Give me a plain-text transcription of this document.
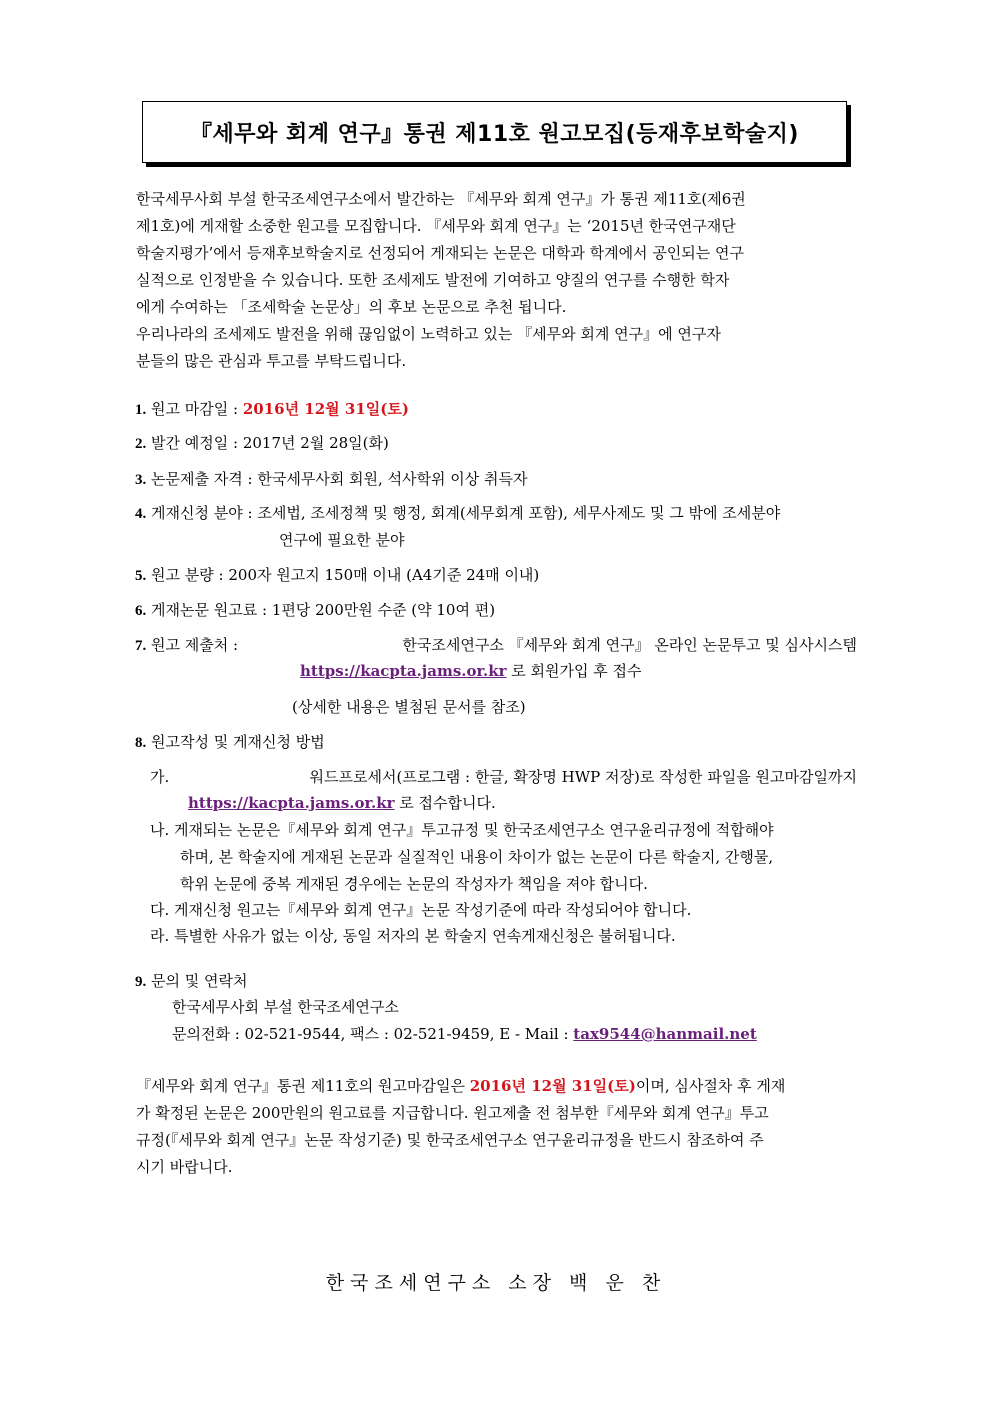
『세무와 회계 연구』통권 제11호 원고모집(등재후보학술지)
한국세무사회 부설 한국조세연구소에서 발간하는 『세무와 회계 연구』가 통권 제11호(제6권
제1호)에 게재할 소중한 원고를 모집합니다. 『세무와 회계 연구』는 ‘2015년 한국연구재단
학술지평가’에서 등재후보학술지로 선정되어 게재되는 논문은 대학과 학계에서 공인되는 연구
실적으로 인정받을 수 있습니다. 또한 조세제도 발전에 기여하고 양질의 연구를 수행한 학자
에게 수여하는 「조세학술 논문상」의 후보 논문으로 추천 됩니다.
우리나라의 조세제도 발전을 위해 끊임없이 노력하고 있는 『세무와 회계 연구』에 연구자
분들의 많은 관심과 투고를 부탁드립니다.
1. 원고 마감일 : 2016년 12월 31일(토)
2. 발간 예정일 : 2017년 2월 28일(화)
3. 논문제출 자격 : 한국세무사회 회원, 석사학위 이상 취득자
4. 게재신청 분야 : 조세법, 조세정책 및 행정, 회계(세무회계 포함), 세무사제도 및 그 밖에 조세분야
연구에 필요한 분야
5. 원고 분량 : 200자 원고지 150매 이내 (A4기준 24매 이내)
6. 게재논문 원고료 : 1편당 200만원 수준 (약 10여 편)
7. 원고 제출처 :	한국조세연구소 『세무와 회계 연구』 온라인 논문투고 및 심사시스템
https://kacpta.jams.or.kr 로 회원가입 후 접수
(상세한 내용은 별첨된 문서를 참조)
8. 원고작성 및 게재신청 방법
가.	워드프로세서(프로그램 : 한글, 확장명 HWP 저장)로 작성한 파일을 원고마감일까지
https://kacpta.jams.or.kr 로 접수합니다.
나. 게재되는 논문은『세무와 회계 연구』투고규정 및 한국조세연구소 연구윤리규정에 적합해야
하며, 본 학술지에 게재된 논문과 실질적인 내용이 차이가 없는 논문이 다른 학술지, 간행물,
학위 논문에 중복 게재된 경우에는 논문의 작성자가 책임을 져야 합니다.
다. 게재신청 원고는『세무와 회계 연구』논문 작성기준에 따라 작성되어야 합니다.
라. 특별한 사유가 없는 이상, 동일 저자의 본 학술지 연속게재신청은 불허됩니다.
9. 문의 및 연락처
한국세무사회 부설 한국조세연구소
문의전화 : 02-521-9544, 팩스 : 02-521-9459, E - Mail : tax9544@hanmail.net
『세무와 회계 연구』통권 제11호의 원고마감일은 2016년 12월 31일(토)이며, 심사절차 후 게재
가 확정된 논문은 200만원의 원고료를 지급합니다. 원고제출 전 첨부한『세무와 회계 연구』투고
규정(『세무와 회계 연구』논문 작성기준) 및 한국조세연구소 연구윤리규정을 반드시 참조하여 주
시기 바랍니다.
한국조세연구소 소장 백 운 찬
